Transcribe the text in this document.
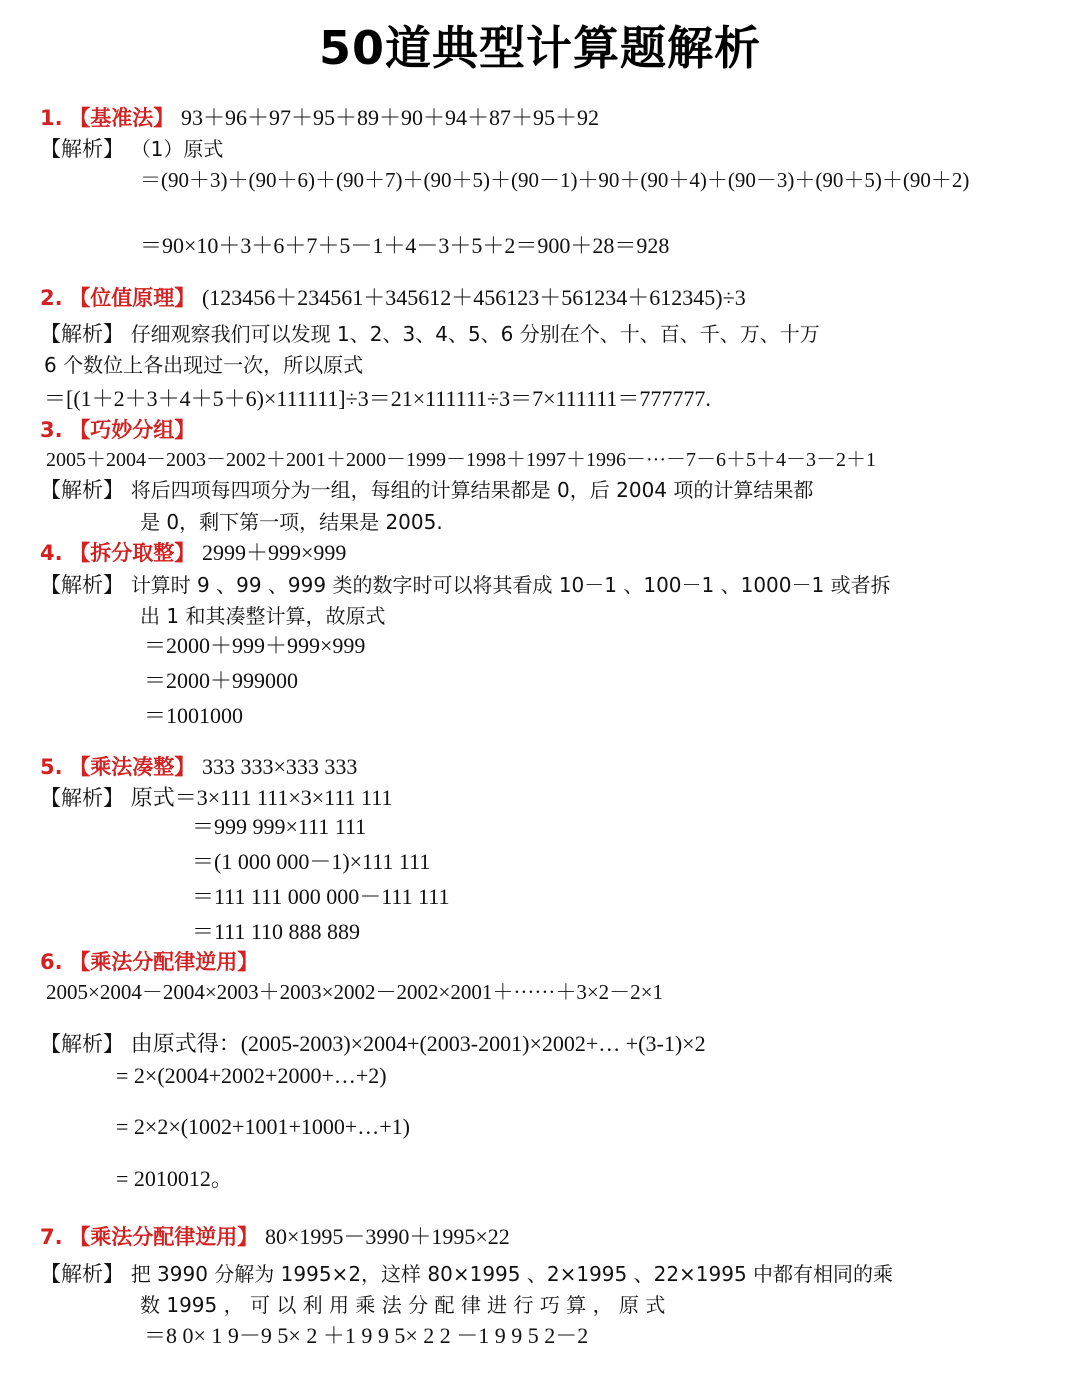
50道典型计算题解析
1. 【基准法】 93＋96＋97＋95＋89＋90＋94＋87＋95＋92
【解析】 （1）原式
＝(90＋3)＋(90＋6)＋(90＋7)＋(90＋5)＋(90－1)＋90＋(90＋4)＋(90－3)＋(90＋5)＋(90＋2)
＝90×10＋3＋6＋7＋5－1＋4－3＋5＋2＝900＋28＝928
2. 【位值原理】 (123456＋234561＋345612＋456123＋561234＋612345)÷3
【解析】 仔细观察我们可以发现 1、2、3、4、5、6 分别在个、十、百、千、万、十万
6 个数位上各出现过一次，所以原式
＝[(1＋2＋3＋4＋5＋6)×111111]÷3＝21×111111÷3＝7×111111＝777777.
3. 【巧妙分组】
2005＋2004－2003－2002＋2001＋2000－1999－1998＋1997＋1996－···－7－6＋5＋4－3－2＋1
【解析】 将后四项每四项分为一组，每组的计算结果都是 0，后 2004 项的计算结果都
是 0，剩下第一项，结果是 2005.
4. 【拆分取整】 2999＋999×999
【解析】 计算时 9 、99 、999 类的数字时可以将其看成 10－1 、100－1 、1000－1 或者拆
出 1 和其凑整计算，故原式
＝2000＋999＋999×999
＝2000＋999000
＝1001000
5. 【乘法凑整】 333 333×333 333
【解析】 原式＝3×111 111×3×111 111
＝999 999×111 111
＝(1 000 000－1)×111 111
＝111 111 000 000－111 111
＝111 110 888 889
6. 【乘法分配律逆用】
2005×2004－2004×2003＋2003×2002－2002×2001＋······＋3×2－2×1
【解析】 由原式得：(2005-2003)×2004+(2003-2001)×2002+… +(3-1)×2
= 2×(2004+2002+2000+…+2)
= 2×2×(1002+1001+1000+…+1)
= 2010012。
7. 【乘法分配律逆用】 80×1995－3990＋1995×22
【解析】 把 3990 分解为 1995×2，这样 80×1995 、2×1995 、22×1995 中都有相同的乘
数 1995 ， 可 以 利 用 乘 法 分 配 律 进 行 巧 算 ， 原 式
＝8 0× 1 9－9 5× 2 ＋1 9 9 5× 2 2 －1 9 9 5 2－2
